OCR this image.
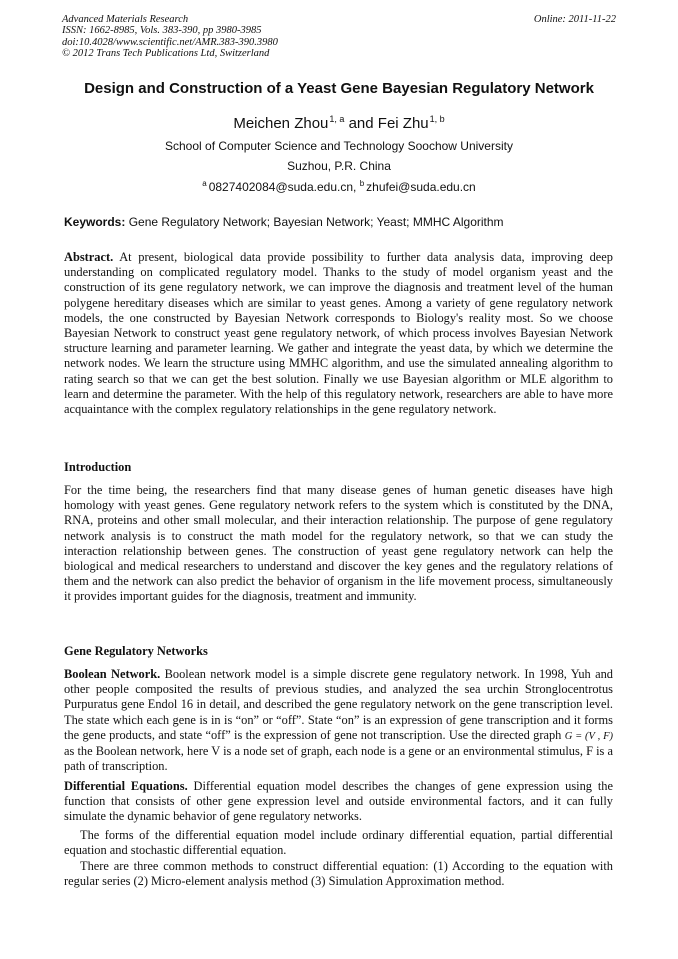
Advanced Materials Research
ISSN: 1662-8985, Vols. 383-390, pp 3980-3985
doi:10.4028/www.scientific.net/AMR.383-390.3980
© 2012 Trans Tech Publications Ltd, Switzerland
Online: 2011-11-22
Design and Construction of a Yeast Gene Bayesian Regulatory Network
Meichen Zhou$^{1, a}$ and Fei Zhu$^{1, b}$
School of Computer Science and Technology Soochow University
Suzhou, P.R. China
$^a$ 0827402084@suda.edu.cn, $^b$ zhufei@suda.edu.cn
Keywords: Gene Regulatory Network; Bayesian Network; Yeast; MMHC Algorithm
Abstract. At present, biological data provide possibility to further data analysis data, improving deep understanding on complicated regulatory model. Thanks to the study of model organism yeast and the construction of its gene regulatory network, we can improve the diagnosis and treatment level of the human polygene hereditary diseases which are similar to yeast genes. Among a variety of gene regulatory network models, the one constructed by Bayesian Network corresponds to Biology's reality most. So we choose Bayesian Network to construct yeast gene regulatory network, of which process involves Bayesian Network structure learning and parameter learning. We gather and integrate the yeast data, by which we determine the network nodes. We learn the structure using MMHC algorithm, and use the simulated annealing algorithm to rating search so that we can get the best solution. Finally we use Bayesian algorithm or MLE algorithm to learn and determine the parameter. With the help of this regulatory network, researchers are able to have more acquaintance with the complex regulatory relationships in the gene regulatory network.
Introduction
For the time being, the researchers find that many disease genes of human genetic diseases have high homology with yeast genes. Gene regulatory network refers to the system which is constituted by the DNA, RNA, proteins and other small molecular, and their interaction relationship. The purpose of gene regulatory network analysis is to construct the math model for the regulatory network, so that we can study the interaction relationship between genes. The construction of yeast gene regulatory network can help the biological and medical researchers to understand and discover the key genes and the regulatory relations of them and the network can also predict the behavior of organism in the life movement process, simultaneously it provides important guides for the diagnosis, treatment and immunity.
Gene Regulatory Networks
Boolean Network. Boolean network model is a simple discrete gene regulatory network. In 1998, Yuh and other people composited the results of previous studies, and analyzed the sea urchin Stronglocentrotus Purpuratus gene Endol 16 in detail, and described the gene regulatory network on the gene transcription level. The state which each gene is in is “on” or “off”. State “on” is an expression of gene transcription and it forms the gene products, and state “off” is the expression of gene not transcription. Use the directed graph G = (V , F) as the Boolean network, here V is a node set of graph, each node is a gene or an environmental stimulus, F is a path of transcription.
Differential Equations. Differential equation model describes the changes of gene expression using the function that consists of other gene expression level and outside environmental factors, and it can fully simulate the dynamic behavior of gene regulatory networks.
The forms of the differential equation model include ordinary differential equation, partial differential equation and stochastic differential equation.
There are three common methods to construct differential equation: (1) According to the equation with regular series (2) Micro-element analysis method (3) Simulation Approximation method.
